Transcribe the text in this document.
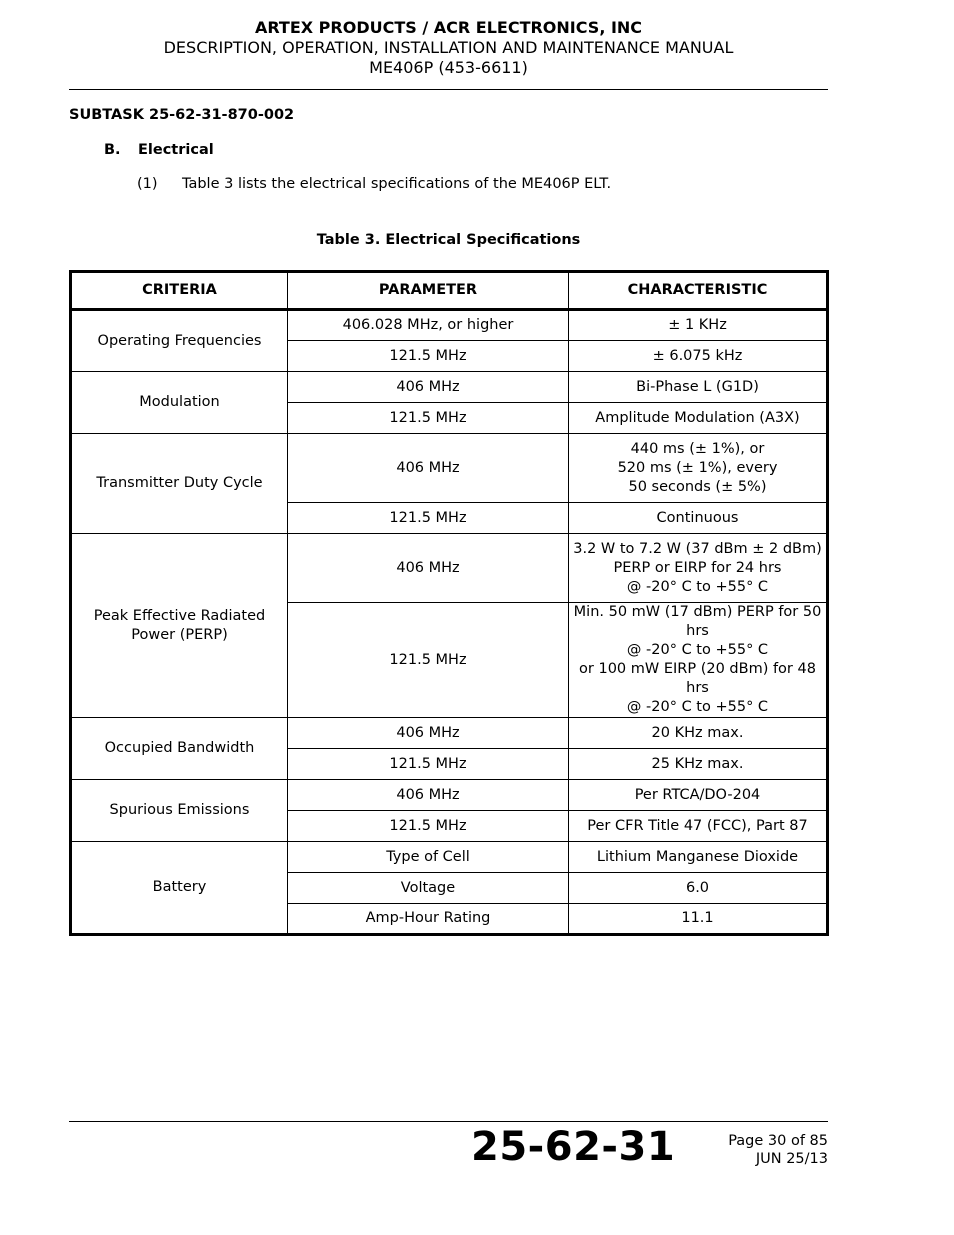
ARTEX PRODUCTS / ACR ELECTRONICS, INC
DESCRIPTION, OPERATION, INSTALLATION AND MAINTENANCE MANUAL
ME406P (453-6611)
SUBTASK 25-62-31-870-002
B. Electrical
(1) Table 3 lists the electrical specifications of the ME406P ELT.
Table 3. Electrical Specifications
CRITERIA	PARAMETER	CHARACTERISTIC
Operating Frequencies	406.028 MHz, or higher	± 1 KHz

	121.5 MHz	± 6.075 kHz

Modulation	406 MHz	Bi-Phase L (G1D)

	121.5 MHz	Amplitude Modulation (A3X)

Transmitter Duty Cycle	406 MHz	440 ms (± 1%), or
520 ms (± 1%), every
50 seconds (± 5%)

	121.5 MHz	Continuous

Peak Effective Radiated Power (PERP)	406 MHz	3.2 W to 7.2 W (37 dBm ± 2 dBm)
PERP or EIRP for 24 hrs
@ -20° C to +55° C

	121.5 MHz	Min. 50 mW (17 dBm) PERP for 50 hrs
@ -20° C to +55° C
or 100 mW EIRP (20 dBm) for 48 hrs
@ -20° C to +55° C

Occupied Bandwidth	406 MHz	20 KHz max.

	121.5 MHz	25 KHz max.

Spurious Emissions	406 MHz	Per RTCA/DO-204

	121.5 MHz	Per CFR Title 47 (FCC), Part 87

Battery	Type of Cell	Lithium Manganese Dioxide

	Voltage	6.0

	Amp-Hour Rating	11.1
25-62-31	Page 30 of 85
JUN 25/13
